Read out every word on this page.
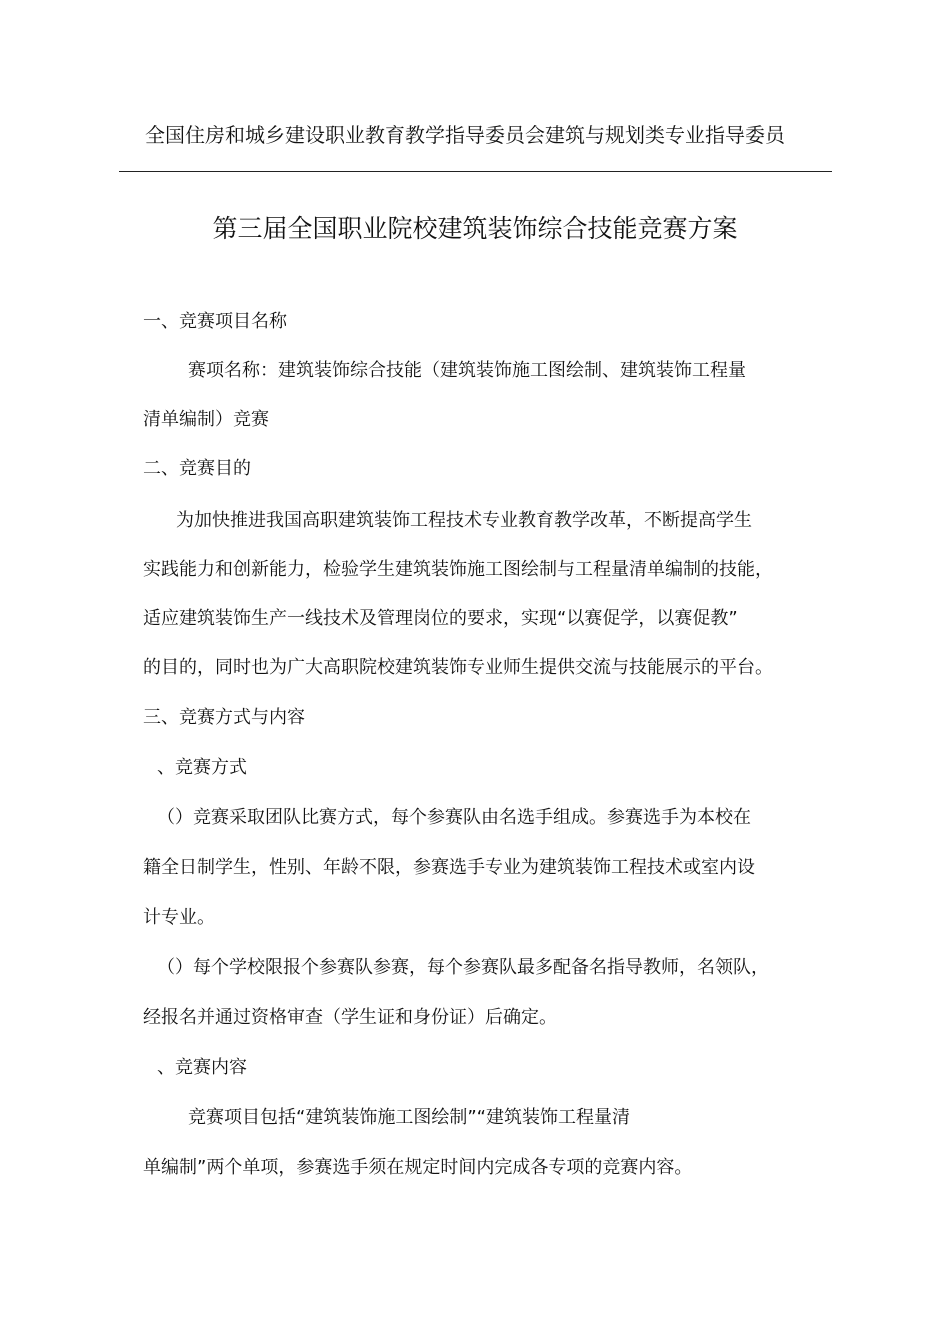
全国住房和城乡建设职业教育教学指导委员会建筑与规划类专业指导委员

第三届全国职业院校建筑装饰综合技能竞赛方案

一、竞赛项目名称

赛项名称：建筑装饰综合技能（建筑装饰施工图绘制、建筑装饰工程量

清单编制）竞赛

二、竞赛目的

为加快推进我国高职建筑装饰工程技术专业教育教学改革，不断提高学生

实践能力和创新能力，检验学生建筑装饰施工图绘制与工程量清单编制的技能，

适应建筑装饰生产一线技术及管理岗位的要求，实现“以赛促学，以赛促教”

的目的，同时也为广大高职院校建筑装饰专业师生提供交流与技能展示的平台。

三、竞赛方式与内容

、竞赛方式

（）竞赛采取团队比赛方式，每个参赛队由名选手组成。参赛选手为本校在

籍全日制学生，性别、年龄不限，参赛选手专业为建筑装饰工程技术或室内设

计专业。

（）每个学校限报个参赛队参赛，每个参赛队最多配备名指导教师，名领队，

经报名并通过资格审查（学生证和身份证）后确定。

、竞赛内容

竞赛项目包括“建筑装饰施工图绘制”“建筑装饰工程量清

单编制”两个单项，参赛选手须在规定时间内完成各专项的竞赛内容。
